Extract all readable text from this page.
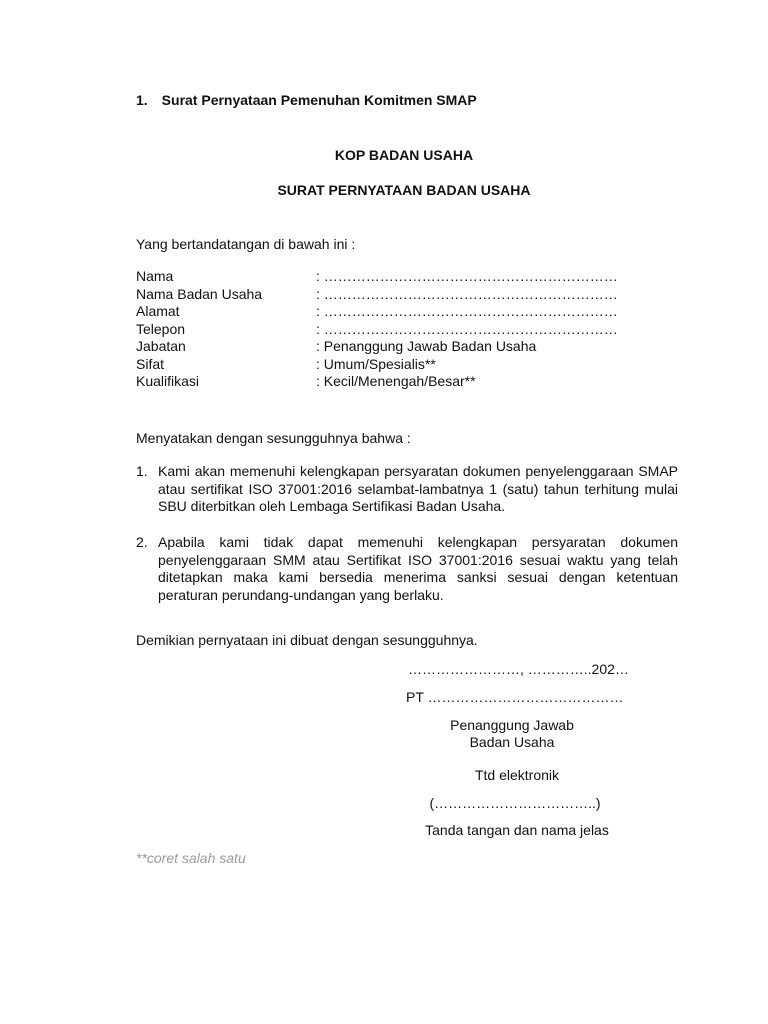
1. Surat Pernyataan Pemenuhan Komitmen SMAP
KOP BADAN USAHA
SURAT PERNYATAAN BADAN USAHA
Yang bertandatangan di bawah ini :
Nama	: ………………………………………………………
Nama Badan Usaha	: ………………………………………………………
Alamat	: ………………………………………………………
Telepon	: ………………………………………………………
Jabatan	: Penanggung Jawab Badan Usaha
Sifat	: Umum/Spesialis**
Kualifikasi	: Kecil/Menengah/Besar**
Menyatakan dengan sesungguhnya bahwa :
1. Kami akan memenuhi kelengkapan persyaratan dokumen penyelenggaraan SMAP
atau sertifikat ISO 37001:2016 selambat-lambatnya 1 (satu) tahun terhitung mulai
SBU diterbitkan oleh Lembaga Sertifikasi Badan Usaha.
2. Apabila kami tidak dapat memenuhi kelengkapan persyaratan dokumen
penyelenggaraan SMM atau Sertifikat ISO 37001:2016 sesuai waktu yang telah
ditetapkan maka kami bersedia menerima sanksi sesuai dengan ketentuan
peraturan perundang-undangan yang berlaku.
Demikian pernyataan ini dibuat dengan sesungguhnya.
……………………, …………..202…
PT ……………………………………
Penanggung Jawab
Badan Usaha
Ttd elektronik
(……………………………..)
Tanda tangan dan nama jelas
**coret salah satu
